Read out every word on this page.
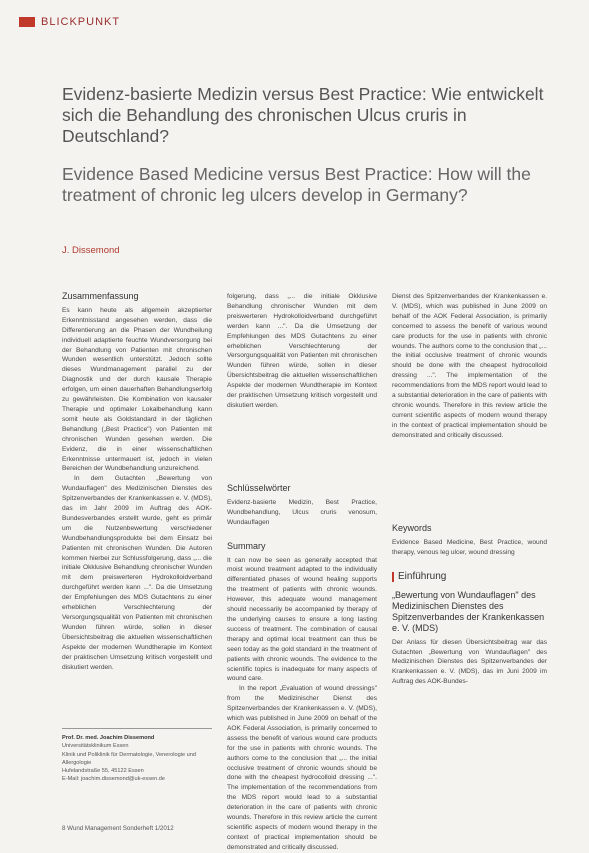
BLICKPUNKT
Evidenz-basierte Medizin versus Best Practice: Wie entwickelt sich die Behandlung des chronischen Ulcus cruris in Deutschland?
Evidence Based Medicine versus Best Practice: How will the treatment of chronic leg ulcers develop in Germany?
J. Dissemond
Zusammenfassung

Es kann heute als allgemein akzeptierter Erkenntnisstand angesehen werden, dass die Differentierung an die Phasen der Wundheilung individuell adaptierte feuchte Wundversorgung bei der Behandlung von Patienten mit chronischen Wunden wesentlich unterstützt. Jedoch sollte dieses Wundmanagement parallel zu der Diagnostik und der durch kausale Therapie erfolgen, um einen dauerhaften Behandlungserfolg zu gewährleisten. Die Kombination von kausaler Therapie und optimaler Lokalbehandlung kann somit heute als Goldstandard in der täglichen Behandlung („Best Practice") von Patienten mit chronischen Wunden gesehen werden. Die Evidenz, die in einer wissenschaftlichen Erkenntnisse untermauert ist, jedoch in vielen Bereichen der Wundbehandlung unzureichend.

In dem Gutachten „Bewertung von Wundauflagen" des Medizinischen Dienstes des Spitzenverbandes der Krankenkassen e. V. (MDS), das im Jahr 2009 im Auftrag des AOK-Bundesverbandes erstellt wurde, geht es primär um die Nutzenbewertung verschiedener Wundbehandlungsprodukte bei dem Einsatz bei Patienten mit chronischen Wunden. Die Autoren kommen hierbei zur Schlussfolgerung, dass „... die initiale Okklusive Behandlung chronischer Wunden mit dem preiswerteren Hydrokolloidverband durchgeführt werden kann ...". Da die Umsetzung der Empfehlungen des MDS Gutachtens zu einer erheblichen Verschlechterung der Versorgungsqualität von Patienten mit chronischen Wunden führen würde, sollen in dieser Übersichtsbeitrag die aktuellen wissenschaftlichen Aspekte der modernen Wundtherapie im Kontext der praktischen Umsetzung kritisch vorgestellt und diskutiert werden.

folgerung, dass „... die initiale Okklusive Behandlung chronischer Wunden mit dem preiswerteren Hydrokolloidverband durchgeführt werden kann ...". Da die Umsetzung der Empfehlungen des MDS Gutachtens zu einer erheblichen Verschlechterung der Versorgungsqualität von Patienten mit chronischen Wunden führen würde, sollen in dieser Übersichtsbeitrag die aktuellen wissenschaftlichen Aspekte der modernen Wundtherapie im Kontext der praktischen Umsetzung kritisch vorgestellt und diskutiert werden.

Schlüsselwörter

Evidenz-basierte Medizin, Best Practice, Wundbehandlung, Ulcus cruris venosum, Wundauflagen

Summary

It can now be seen as generally accepted that moist wound treatment adapted to the individually differentiated phases of wound healing supports the treatment of patients with chronic wounds. However, this adequate wound management should necessarily be accompanied by therapy of the underlying causes to ensure a long lasting success of treatment. The combination of causal therapy and optimal local treatment can thus be seen today as the gold standard in the treatment of patients with chronic wounds. The evidence to the scientific topics is inadequate for many aspects of wound care.

In the report „Evaluation of wound dressings" from the Medizinischer Dienst des Spitzenverbandes der Krankenkassen e. V. (MDS), which was published in June 2009 on behalf of the AOK Federal Association, is primarily concerned to assess the benefit of various wound care products for the use in patients with chronic wounds. The authors come to the conclusion that „... the initial occlusive treatment of chronic wounds should be done with the cheapest hydrocolloid dressing ...". The implementation of the recommendations from the MDS report would lead to a substantial deterioration in the care of patients with chronic wounds. Therefore in this review article the current scientific aspects of modern wound therapy in the context of practical implementation should be demonstrated and critically discussed.

Dienst des Spitzenverbandes der Krankenkassen e. V. (MDS), which was published in June 2009 on behalf of the AOK Federal Association, is primarily concerned to assess the benefit of various wound care products for the use in patients with chronic wounds. The authors come to the conclusion that „... the initial occlusive treatment of chronic wounds should be done with the cheapest hydrocolloid dressing ...". The implementation of the recommendations from the MDS report would lead to a substantial deterioration in the care of patients with chronic wounds. Therefore in this review article the current scientific aspects of modern wound therapy in the context of practical implementation should be demonstrated and critically discussed.

Keywords

Evidence Based Medicine, Best Practice, wound therapy, venous leg ulcer, wound dressing

Einführung
„Bewertung von Wundauflagen" des Medizinischen Dienstes des Spitzenverbandes der Krankenkassen e. V. (MDS)

Der Anlass für diesen Übersichtsbeitrag war das Gutachten „Bewertung von Wundauflagen" des Medizinischen Dienstes des Spitzenverbandes der Krankenkassen e. V. (MDS), das im Juni 2009 im Auftrag des AOK-Bundes-

Prof. Dr. med. Joachim Dissemond
Universitätsklinikum Essen
Klinik und Poliklinik für Dermatologie, Venerologie und Allergologie
Hufelandstraße 55, 45122 Essen
E-Mail: joachim.dissemond@uk-essen.de
8 Wund Management Sonderheft 1/2012
